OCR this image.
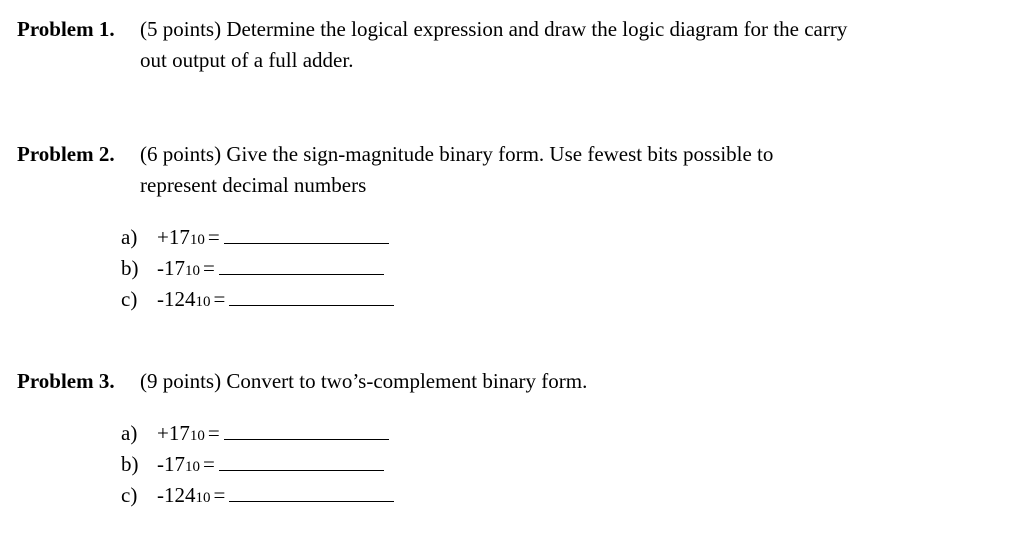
Problem 1. (5 points) Determine the logical expression and draw the logic diagram for the carry
out output of a full adder.
Problem 2. (6 points) Give the sign-magnitude binary form. Use fewest bits possible to
represent decimal numbers
a) +1710 =
b) -1710 =
c) -12410 =
Problem 3. (9 points) Convert to two’s-complement binary form.
a) +1710 =
b) -1710 =
c) -12410 =
